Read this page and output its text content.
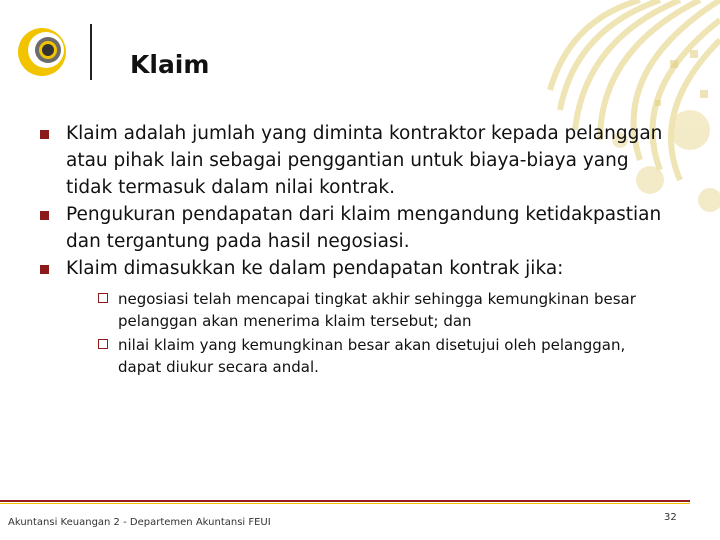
Klaim
Klaim adalah jumlah yang diminta kontraktor kepada pelanggan atau pihak lain sebagai penggantian untuk biaya-biaya yang tidak termasuk dalam nilai kontrak.
Pengukuran pendapatan dari klaim mengandung ketidakpastian dan tergantung pada hasil negosiasi.
Klaim dimasukkan ke dalam pendapatan kontrak jika:
negosiasi telah mencapai tingkat akhir sehingga kemungkinan besar pelanggan akan menerima klaim tersebut; dan
nilai klaim yang kemungkinan besar akan disetujui oleh pelanggan, dapat diukur secara andal.
Akuntansi Keuangan 2 - Departemen Akuntansi FEUI	32
